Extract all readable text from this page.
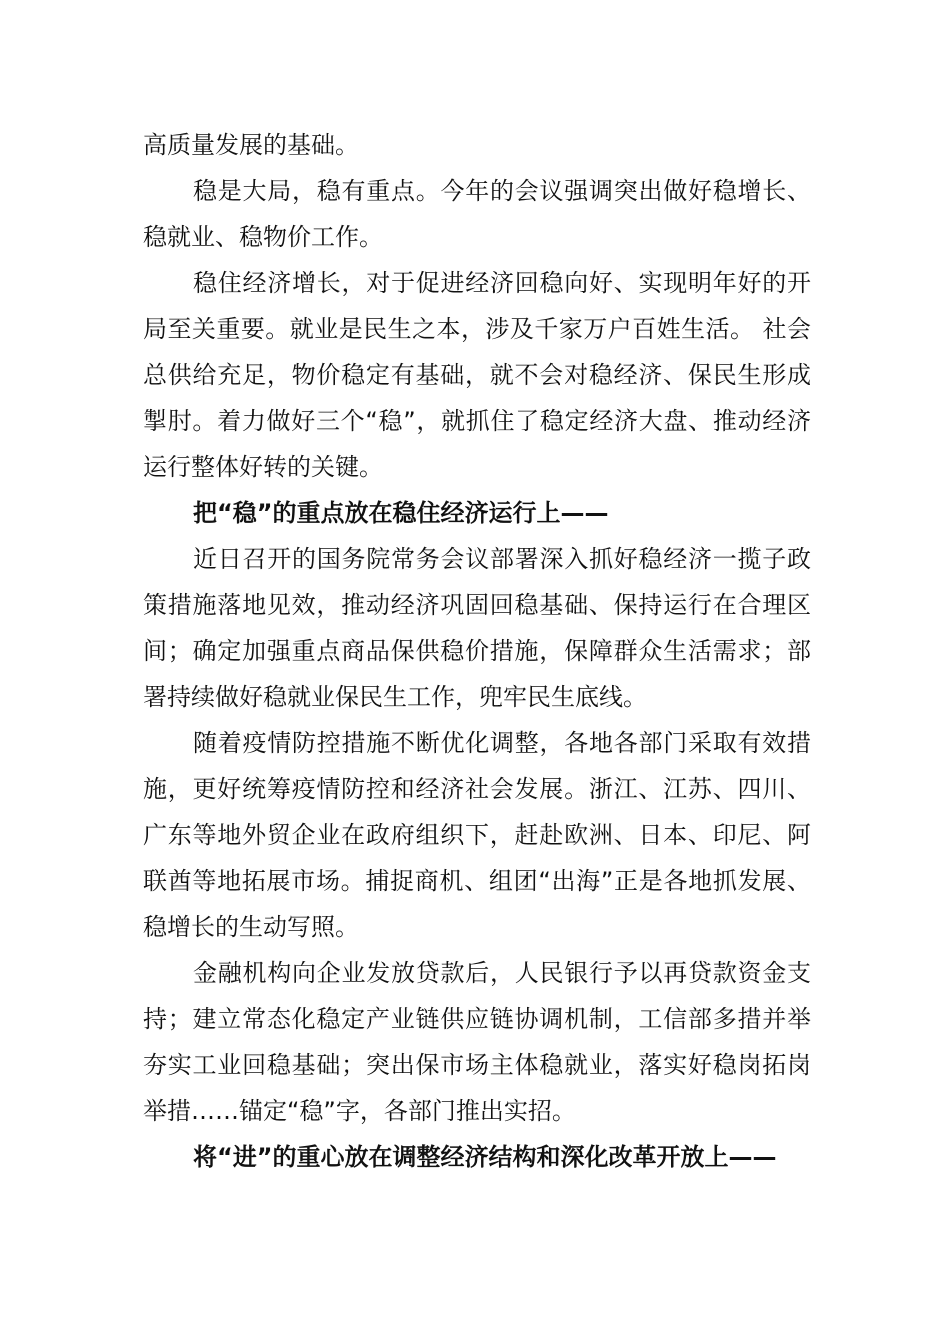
高质量发展的基础。

稳是大局，稳有重点。今年的会议强调突出做好稳增长、稳就业、稳物价工作。

稳住经济增长，对于促进经济回稳向好、实现明年好的开局至关重要。就业是民生之本，涉及千家万户百姓生活。 社会总供给充足，物价稳定有基础，就不会对稳经济、保民生形成掣肘。着力做好三个“稳”，就抓住了稳定经济大盘、推动经济运行整体好转的关键。

把“稳”的重点放在稳住经济运行上——

近日召开的国务院常务会议部署深入抓好稳经济一揽子政策措施落地见效，推动经济巩固回稳基础、保持运行在合理区间；确定加强重点商品保供稳价措施，保障群众生活需求；部署持续做好稳就业保民生工作，兜牢民生底线。

随着疫情防控措施不断优化调整，各地各部门采取有效措施，更好统筹疫情防控和经济社会发展。浙江、江苏、四川、广东等地外贸企业在政府组织下，赶赴欧洲、日本、印尼、阿联酋等地拓展市场。捕捉商机、组团“出海”正是各地抓发展、稳增长的生动写照。

金融机构向企业发放贷款后，人民银行予以再贷款资金支持；建立常态化稳定产业链供应链协调机制，工信部多措并举夯实工业回稳基础；突出保市场主体稳就业，落实好稳岗拓岗举措……锚定“稳”字，各部门推出实招。

将“进”的重心放在调整经济结构和深化改革开放上——
